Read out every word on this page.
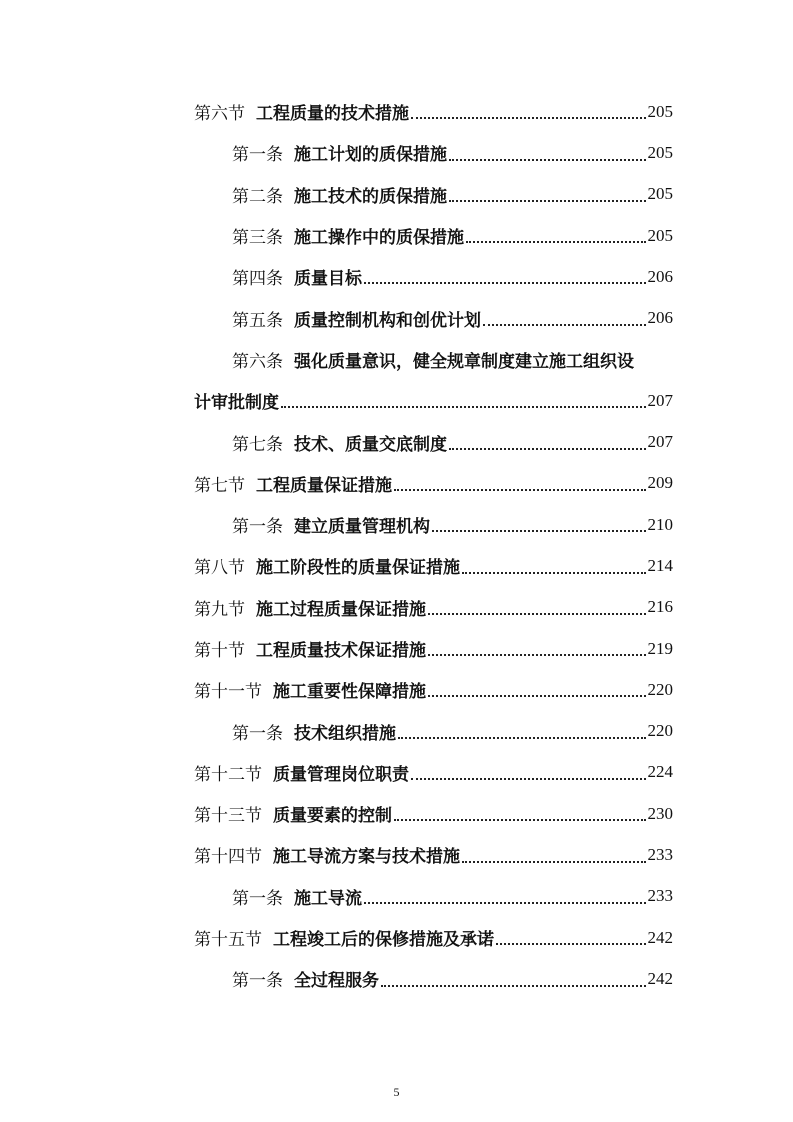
第六节 工程质量的技术措施	205
第一条 施工计划的质保措施	205
第二条 施工技术的质保措施	205
第三条 施工操作中的质保措施	205
第四条 质量目标	206
第五条 质量控制机构和创优计划	206
第六条 强化质量意识，健全规章制度建立施工组织设
计审批制度	207
第七条 技术、质量交底制度	207
第七节 工程质量保证措施	209
第一条 建立质量管理机构	210
第八节 施工阶段性的质量保证措施	214
第九节 施工过程质量保证措施	216
第十节 工程质量技术保证措施	219
第十一节 施工重要性保障措施	220
第一条 技术组织措施	220
第十二节 质量管理岗位职责	224
第十三节 质量要素的控制	230
第十四节 施工导流方案与技术措施	233
第一条 施工导流	233
第十五节 工程竣工后的保修措施及承诺	242
第一条 全过程服务	242
5
